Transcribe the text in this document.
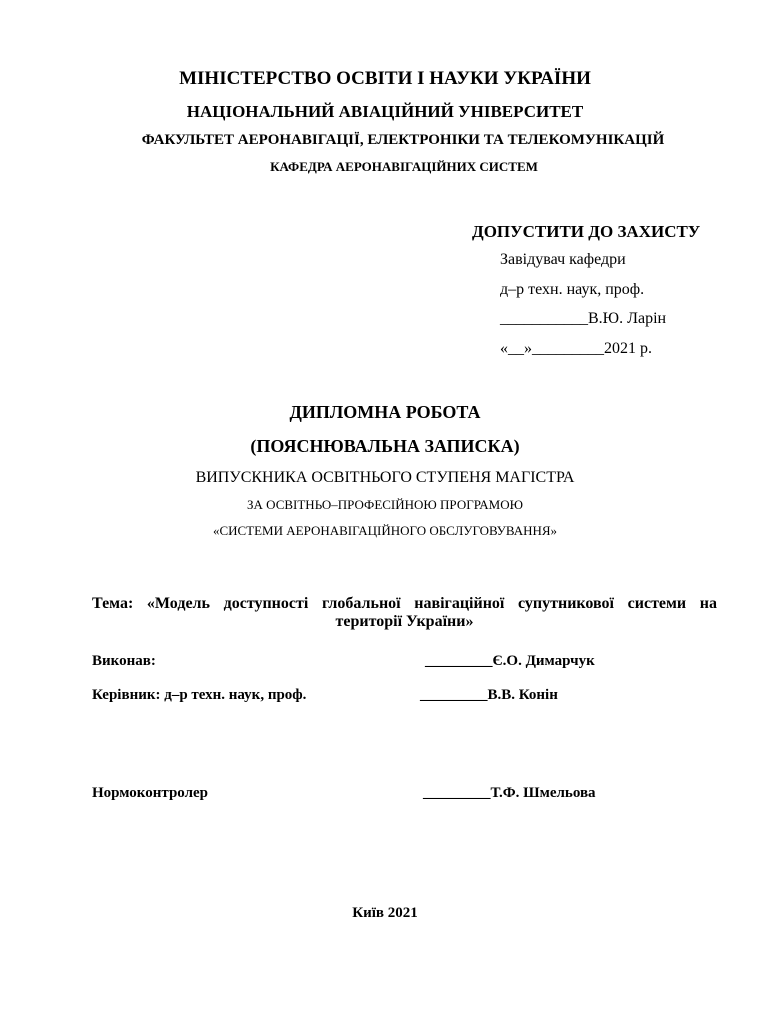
МІНІСТЕРСТВО ОСВІТИ І НАУКИ УКРАЇНИ
НАЦІОНАЛЬНИЙ АВІАЦІЙНИЙ УНІВЕРСИТЕТ
ФАКУЛЬТЕТ АЕРОНАВІГАЦІЇ, ЕЛЕКТРОНІКИ ТА ТЕЛЕКОМУНІКАЦІЙ
КАФЕДРА АЕРОНАВІГАЦІЙНИХ СИСТЕМ
ДОПУСТИТИ ДО ЗАХИСТУ
Завідувач кафедри
д–р техн. наук, проф.
___________В.Ю. Ларін
«__»_________2021 р.
ДИПЛОМНА РОБОТА
(ПОЯСНЮВАЛЬНА ЗАПИСКА)
ВИПУСКНИКА ОСВІТНЬОГО СТУПЕНЯ МАГІСТРА
ЗА ОСВІТНЬО–ПРОФЕСІЙНОЮ ПРОГРАМОЮ
«СИСТЕМИ АЕРОНАВІГАЦІЙНОГО ОБСЛУГОВУВАННЯ»
Тема: «Модель доступності глобальної навігаційної супутникової системи на території України»
Виконав:	_________Є.О. Димарчук
Керівник: д–р техн. наук, проф.	_________В.В. Конін
Нормоконтролер	_________Т.Ф. Шмельова
Київ 2021
